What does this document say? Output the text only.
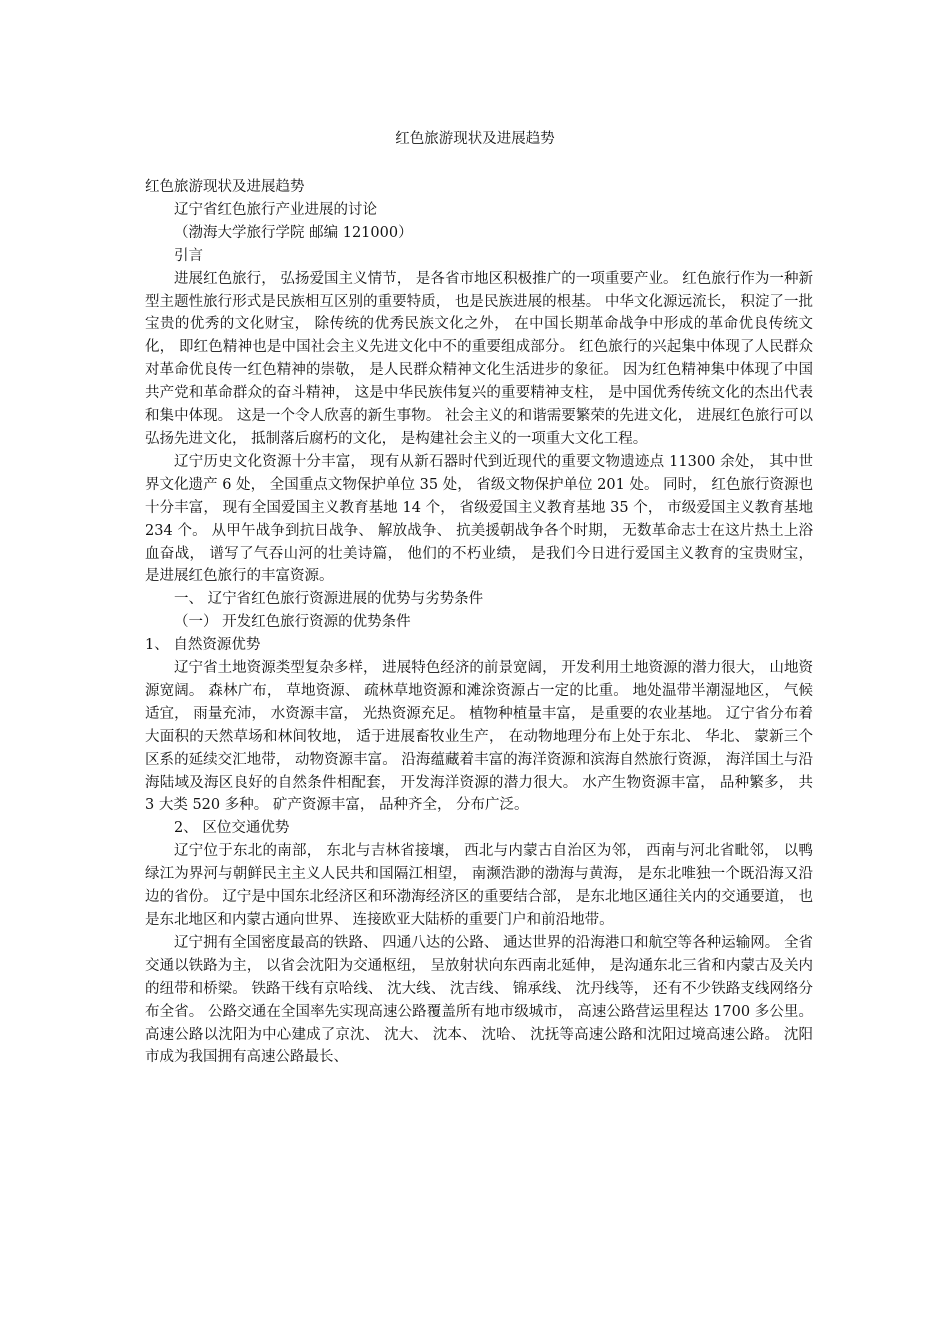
红色旅游现状及进展趋势

红色旅游现状及进展趋势

辽宁省红色旅行产业进展的讨论

（渤海大学旅行学院 邮编 121000）

引言

进展红色旅行， 弘扬爱国主义情节， 是各省市地区积极推广的一项重要产业。 红色旅行作为一种新型主题性旅行形式是民族相互区别的重要特质， 也是民族进展的根基。 中华文化源远流长， 积淀了一批宝贵的优秀的文化财宝， 除传统的优秀民族文化之外， 在中国长期革命战争中形成的革命优良传统文化， 即红色精神也是中国社会主义先进文化中不的重要组成部分。 红色旅行的兴起集中体现了人民群众对革命优良传一红色精神的崇敬， 是人民群众精神文化生活进步的象征。 因为红色精神集中体现了中国共产党和革命群众的奋斗精神， 这是中华民族伟复兴的重要精神支柱， 是中国优秀传统文化的杰出代表和集中体现。 这是一个令人欣喜的新生事物。 社会主义的和谐需要繁荣的先进文化， 进展红色旅行可以弘扬先进文化， 抵制落后腐朽的文化， 是构建社会主义的一项重大文化工程。

辽宁历史文化资源十分丰富， 现有从新石器时代到近现代的重要文物遗迹点 11300 余处， 其中世界文化遗产 6 处， 全国重点文物保护单位 35 处， 省级文物保护单位 201 处。 同时， 红色旅行资源也十分丰富， 现有全国爱国主义教育基地 14 个， 省级爱国主义教育基地 35 个， 市级爱国主义教育基地 234 个。 从甲午战争到抗日战争、 解放战争、 抗美援朝战争各个时期， 无数革命志士在这片热土上浴血奋战， 谱写了气吞山河的壮美诗篇， 他们的不朽业绩， 是我们今日进行爱国主义教育的宝贵财宝， 是进展红色旅行的丰富资源。

一、 辽宁省红色旅行资源进展的优势与劣势条件

（一） 开发红色旅行资源的优势条件

1、 自然资源优势

辽宁省土地资源类型复杂多样， 进展特色经济的前景宽阔， 开发利用土地资源的潜力很大， 山地资源宽阔。 森林广布， 草地资源、 疏林草地资源和滩涂资源占一定的比重。 地处温带半潮湿地区， 气候适宜， 雨量充沛， 水资源丰富， 光热资源充足。 植物种植量丰富， 是重要的农业基地。 辽宁省分布着大面积的天然草场和林间牧地， 适于进展畜牧业生产， 在动物地理分布上处于东北、 华北、 蒙新三个区系的延续交汇地带， 动物资源丰富。 沿海蕴藏着丰富的海洋资源和滨海自然旅行资源， 海洋国土与沿海陆域及海区良好的自然条件相配套， 开发海洋资源的潜力很大。 水产生物资源丰富， 品种繁多， 共 3 大类 520 多种。 矿产资源丰富， 品种齐全， 分布广泛。

2、 区位交通优势

辽宁位于东北的南部， 东北与吉林省接壤， 西北与内蒙古自治区为邻， 西南与河北省毗邻， 以鸭绿江为界河与朝鲜民主主义人民共和国隔江相望， 南濒浩渺的渤海与黄海， 是东北唯独一个既沿海又沿边的省份。 辽宁是中国东北经济区和环渤海经济区的重要结合部， 是东北地区通往关内的交通要道， 也是东北地区和内蒙古通向世界、 连接欧亚大陆桥的重要门户和前沿地带。

辽宁拥有全国密度最高的铁路、 四通八达的公路、 通达世界的沿海港口和航空等各种运输网。 全省交通以铁路为主， 以省会沈阳为交通枢纽， 呈放射状向东西南北延伸， 是沟通东北三省和内蒙古及关内的纽带和桥梁。 铁路干线有京哈线、 沈大线、 沈吉线、 锦承线、 沈丹线等， 还有不少铁路支线网络分布全省。 公路交通在全国率先实现高速公路覆盖所有地市级城市， 高速公路营运里程达 1700 多公里。 高速公路以沈阳为中心建成了京沈、 沈大、 沈本、 沈哈、 沈抚等高速公路和沈阳过境高速公路。 沈阳市成为我国拥有高速公路最长、
